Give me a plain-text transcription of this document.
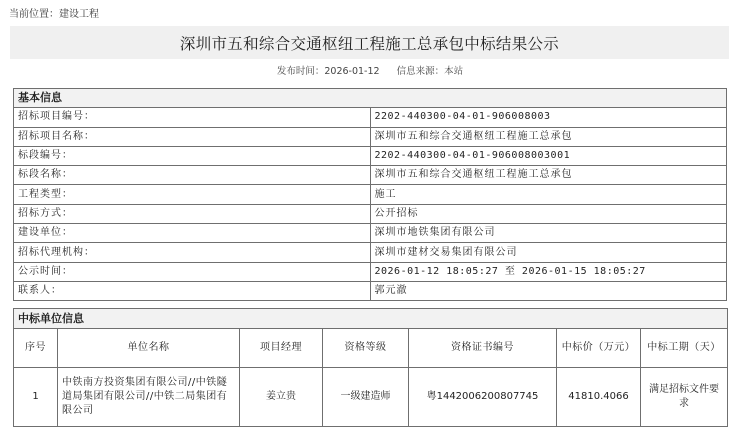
当前位置：建设工程
深圳市五和综合交通枢纽工程施工总承包中标结果公示
发布时间：2026-01-12 信息来源：本站
基本信息	
招标项目编号：	2202-440300-04-01-906008003
招标项目名称：	深圳市五和综合交通枢纽工程施工总承包
标段编号：	2202-440300-04-01-906008003001
标段名称：	深圳市五和综合交通枢纽工程施工总承包
工程类型：	施工
招标方式：	公开招标
建设单位：	深圳市地铁集团有限公司
招标代理机构：	深圳市建材交易集团有限公司
公示时间：	2026-01-12 18:05:27 至 2026-01-15 18:05:27
联系人：	郭元澈
中标单位信息						
序号	单位名称	项目经理	资格等级	资格证书编号	中标价（万元）	中标工期（天）
1	中铁南方投资集团有限公司//中铁隧道局集团有限公司//中铁二局集团有限公司	姜立贵	一级建造师	粤1442006200807745	41810.4066	满足招标文件要求
